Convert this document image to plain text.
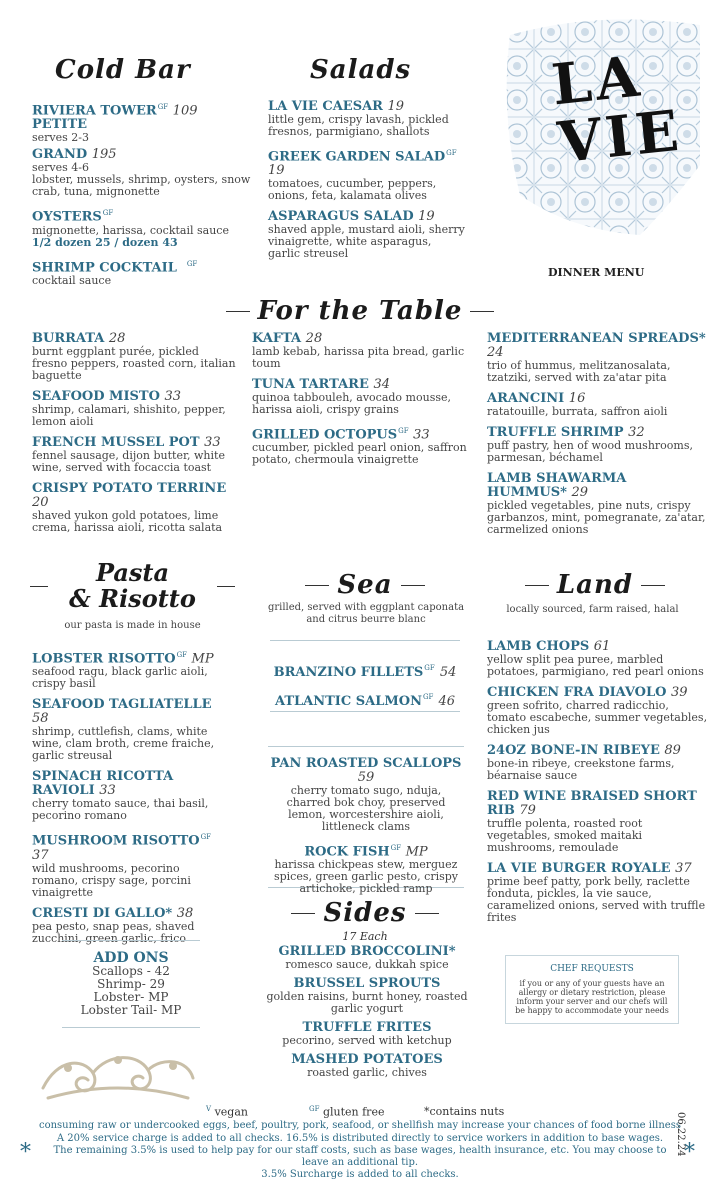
Cold Bar
RIVIERA $TOWER^{GF}$ 109
PETITE
serves 2-3
GRAND 195
serves 4-6
lobster, mussels, shrimp, oysters, snow crab, tuna, mignonette
$OYSTERS^{GF}$
mignonette, harissa, cocktail sauce
1/2 dozen 25 / dozen 43
SHRIMP COCKTAIL $^{GF}$
cocktail sauce
Salads
LA VIE CAESAR 19
little gem, crispy lavash, pickled fresnos, parmigiano, shallots
GREEK GARDEN $SALAD^{GF}$ 19
tomatoes, cucumber, peppers, onions, feta, kalamata olives
ASPARAGUS SALAD 19
shaved apple, mustard aioli, sherry vinaigrette, white asparagus, garlic streusel
LA
VIE
DINNER MENU
For the Table
BURRATA 28
burnt eggplant purée, pickled fresno peppers, roasted corn, italian baguette
SEAFOOD MISTO 33
shrimp, calamari, shishito, pepper, lemon aioli
FRENCH MUSSEL POT 33
fennel sausage, dijon butter, white wine, served with focaccia toast
CRISPY POTATO TERRINE 20
shaved yukon gold potatoes, lime crema, harissa aioli, ricotta salata
KAFTA 28
lamb kebab, harissa pita bread, garlic toum
TUNA TARTARE 34
quinoa tabbouleh, avocado mousse, harissa aioli, crispy grains
GRILLED $OCTOPUS^{GF}$ 33
cucumber, pickled pearl onion, saffron potato, chermoula vinaigrette
MEDITERRANEAN SPREADS* 24
trio of hummus, melitzanosalata, tzatziki, served with za'atar pita
ARANCINI 16
ratatouille, burrata, saffron aioli
TRUFFLE SHRIMP 32
puff pastry, hen of wood mushrooms, parmesan, béchamel
LAMB SHAWARMA HUMMUS* 29
pickled vegetables, pine nuts, crispy garbanzos, mint, pomegranate, za'atar, carmelized onions
Pasta
& Risotto
our pasta is made in house
LOBSTER $RISOTTO^{GF}$ MP
seafood ragu, black garlic aioli, crispy basil
SEAFOOD TAGLIATELLE 58
shrimp, cuttlefish, clams, white wine, clam broth, creme fraiche, garlic streusal
SPINACH RICOTTA RAVIOLI 33
cherry tomato sauce, thai basil, pecorino romano
MUSHROOM $RISOTTO^{GF}$ 37
wild mushrooms, pecorino romano, crispy sage, porcini vinaigrette
CRESTI DI GALLO* 38
pea pesto, snap peas, shaved zucchini, green garlic, frico
Sea
grilled, served with eggplant caponata and citrus beurre blanc
BRANZINO $FILLETS^{GF}$ 54
ATLANTIC $SALMON^{GF}$ 46
PAN ROASTED SCALLOPS 59
cherry tomato sugo, nduja, charred bok choy, preserved lemon, worcestershire aioli, littleneck clams
ROCK $FISH^{GF}$ MP
harissa chickpeas stew, merguez spices, green garlic pesto, crispy artichoke, pickled ramp
Land
locally sourced, farm raised, halal
LAMB CHOPS 61
yellow split pea puree, marbled potatoes, parmigiano, red pearl onions
CHICKEN FRA DIAVOLO 39
green sofrito, charred radicchio, tomato escabeche, summer vegetables, chicken jus
24OZ BONE-IN RIBEYE 89
bone-in ribeye, creekstone farms, béarnaise sauce
RED WINE BRAISED SHORT RIB 79
truffle polenta, roasted root vegetables, smoked maitaki mushrooms, remoulade
LA VIE BURGER ROYALE 37
prime beef patty, pork belly, raclette fonduta, pickles, la vie sauce, caramelized onions, served with truffle frites
Sides
17 Each
GRILLED BROCCOLINI*
romesco sauce, dukkah spice
BRUSSEL SPROUTS
golden raisins, burnt honey, roasted garlic yogurt
TRUFFLE FRITES
pecorino, served with ketchup
MASHED POTATOES
roasted garlic, chives
ADD ONS
Scallops - 42
Shrimp- 29
Lobster- MP
Lobster Tail- MP
CHEF REQUESTS
if you or any of your guests have an allergy or dietary restriction, please inform your server and our chefs will be happy to accommodate your needs
$^V$ vegan	$^{GF}$ gluten free	*contains nuts
consuming raw or undercooked eggs, beef, poultry, pork, seafood, or shellfish may increase your chances of food borne illness
A 20% service charge is added to all checks. 16.5% is distributed directly to service workers in addition to base wages.
The remaining 3.5% is used to help pay for our staff costs, such as base wages, health insurance, etc. You may choose to leave an additional tip.
3.5% Surcharge is added to all checks.
*	*
06.22.24
